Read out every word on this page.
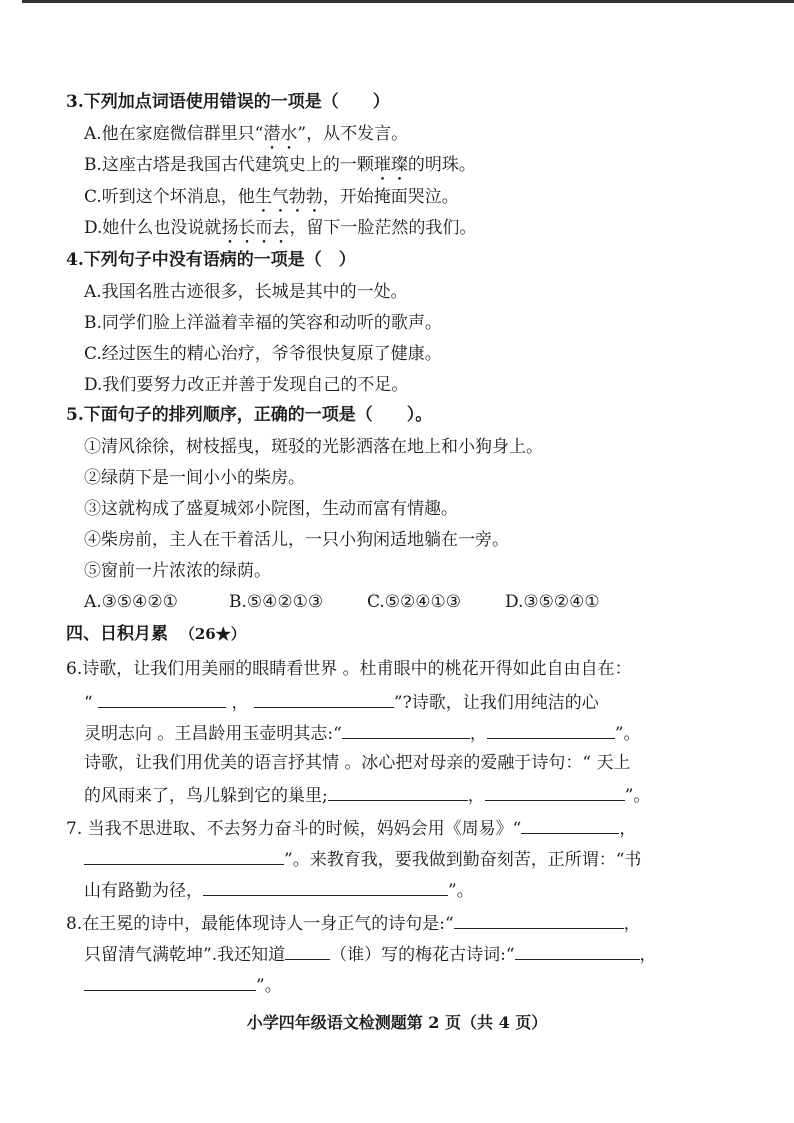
3.下列加点词语使用错误的一项是（　　）
A.他在家庭微信群里只“潜水”，从不发言。
B.这座古塔是我国古代建筑史上的一颗璀璨的明珠。
C.听到这个坏消息，他生气勃勃，开始掩面哭泣。
D.她什么也没说就扬长而去，留下一脸茫然的我们。
4.下列句子中没有语病的一项是（　）
A.我国名胜古迹很多，长城是其中的一处。
B.同学们脸上洋溢着幸福的笑容和动听的歌声。
C.经过医生的精心治疗，爷爷很快复原了健康。
D.我们要努力改正并善于发现自己的不足。
5.下面句子的排列顺序，正确的一项是（　　）。
①清风徐徐，树枝摇曳，斑驳的光影洒落在地上和小狗身上。
②绿荫下是一间小小的柴房。
③这就构成了盛夏城郊小院图，生动而富有情趣。
④柴房前，主人在干着活儿，一只小狗闲适地躺在一旁。
⑤窗前一片浓浓的绿荫。
A.③⑤④②①	B.⑤④②①③	C.⑤②④①③	D.③⑤②④①
四、日积月累 （26★）
6.诗歌，让我们用美丽的眼睛看世界 。杜甫眼中的桃花开得如此自由自在：
“	，	”?诗歌，让我们用纯洁的心
灵明志向 。王昌龄用玉壶明其志:“	，	”。
诗歌，让我们用优美的语言抒其情 。冰心把对母亲的爱融于诗句：“ 天上
的风雨来了，鸟儿躲到它的巢里;	，	”。
7. 当我不思进取、不去努力奋斗的时候，妈妈会用《周易》“	，
”。来教育我，要我做到勤奋刻苦，正所谓：“书
山有路勤为径，	”。
8.在王冕的诗中，最能体现诗人一身正气的诗句是:“	，
只留清气满乾坤”.我还知道	（谁）写的梅花古诗词:“	，
”。
小学四年级语文检测题第 2 页（共 4 页）
